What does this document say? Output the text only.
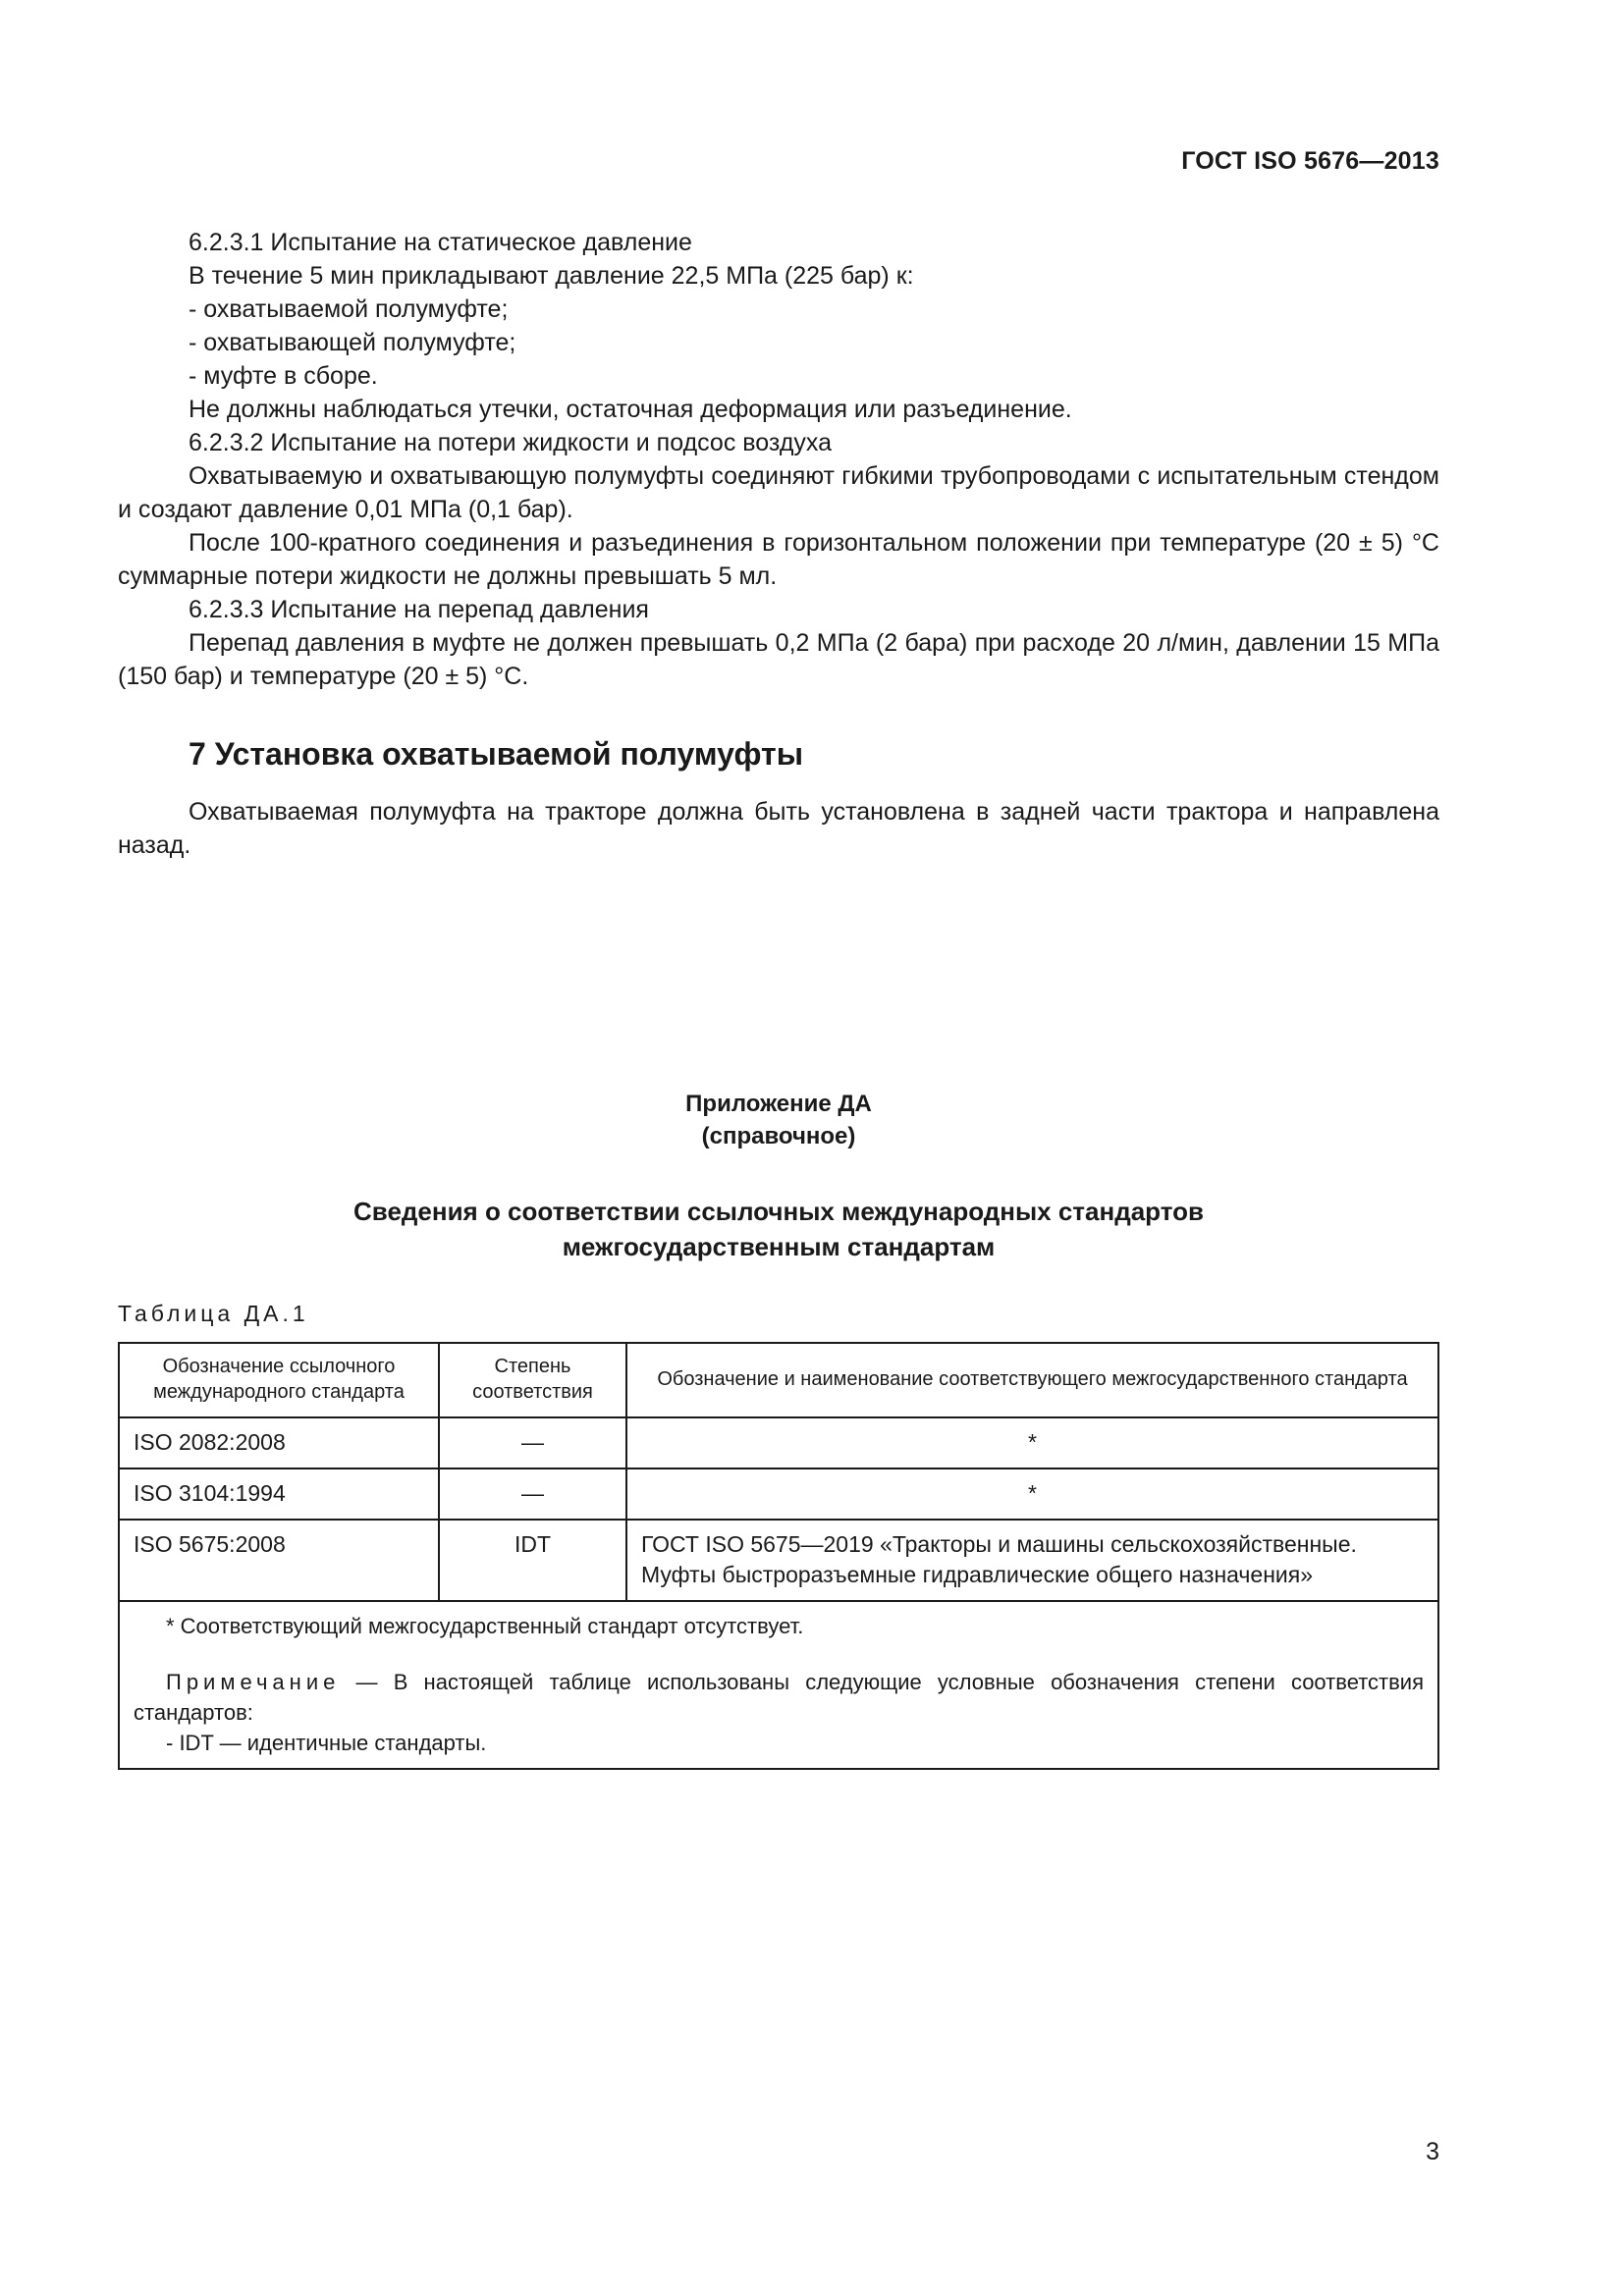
ГОСТ ISO 5676—2013

6.2.3.1 Испытание на статическое давление

В течение 5 мин прикладывают давление 22,5 МПа (225 бар) к:

- охватываемой полумуфте;

- охватывающей полумуфте;

- муфте в сборе.

Не должны наблюдаться утечки, остаточная деформация или разъединение.

6.2.3.2 Испытание на потери жидкости и подсос воздуха

Охватываемую и охватывающую полумуфты соединяют гибкими трубопроводами с испытательным стендом и создают давление 0,01 МПа (0,1 бар).

После 100-кратного соединения и разъединения в горизонтальном положении при температуре (20 ± 5) °C суммарные потери жидкости не должны превышать 5 мл.

6.2.3.3 Испытание на перепад давления

Перепад давления в муфте не должен превышать 0,2 МПа (2 бара) при расходе 20 л/мин, давлении 15 МПа (150 бар) и температуре (20 ± 5) °C.

7 Установка охватываемой полумуфты

Охватываемая полумуфта на тракторе должна быть установлена в задней части трактора и направлена назад.

Приложение ДА
(справочное)
Сведения о соответствии ссылочных международных стандартов
межгосударственным стандартам
Таблица ДА.1
Обозначение ссылочного международного стандарта	Степень соответствия	Обозначение и наименование соответствующего межгосударственного стандарта
ISO 2082:2008	—	*
ISO 3104:1994	—	*
ISO 5675:2008	IDT	ГОСТ ISO 5675—2019 «Тракторы и машины сельскохозяйственные. Муфты быстроразъемные гидравлические общего назначения»

* Соответствующий межгосударственный стандарт отсутствует.

Примечание — В настоящей таблице использованы следующие условные обозначения степени соответствия стандартов:

- IDT — идентичные стандарты.		

3
